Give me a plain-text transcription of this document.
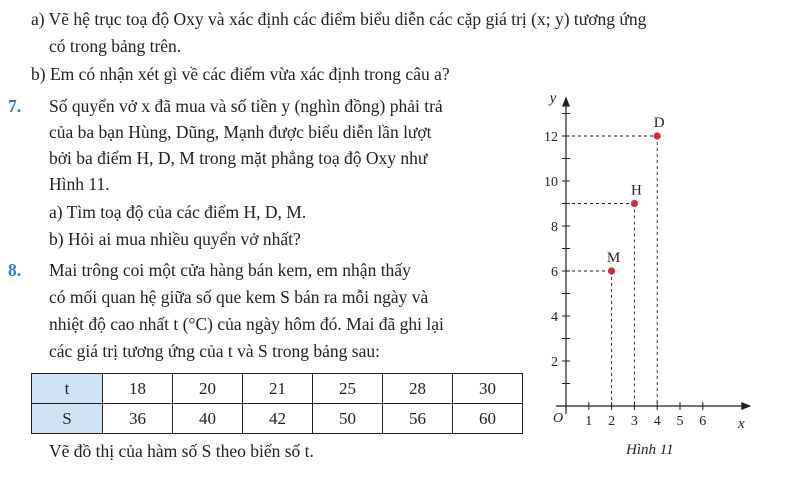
a) Vẽ hệ trục toạ độ Oxy và xác định các điểm biểu diễn các cặp giá trị (x; y) tương ứng
có trong bảng trên.
b) Em có nhận xét gì về các điểm vừa xác định trong câu a?
7. Số quyển vở x đã mua và số tiền y (nghìn đồng) phải trả
của ba bạn Hùng, Dũng, Mạnh được biểu diễn lần lượt
bởi ba điểm H, D, M trong mặt phẳng toạ độ Oxy như
Hình 11.
a) Tìm toạ độ của các điểm H, D, M.
b) Hỏi ai mua nhiều quyển vở nhất?
8. Mai trông coi một cửa hàng bán kem, em nhận thấy
có mối quan hệ giữa số que kem S bán ra mỗi ngày và
nhiệt độ cao nhất t (°C) của ngày hôm đó. Mai đã ghi lại
các giá trị tương ứng của t và S trong bảng sau:
t	18	20	21	25	28	30
S	36	40	42	50	56	60
Vẽ đồ thị của hàm số S theo biến số t.
y
x
O 1 2 3 4 5 6
2
4
6
8
10
12
M
H
D
Hình 11
